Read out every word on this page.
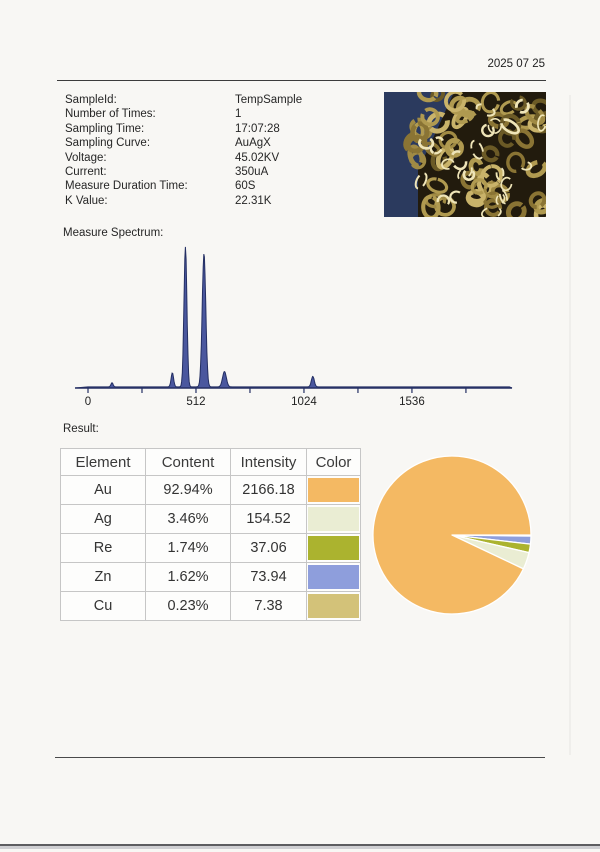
2025 07 25
SampleId:	TempSample
Number of Times:	1
Sampling Time:	17:07:28
Sampling Curve:	AuAgX
Voltage:	45.02KV
Current:	350uA
Measure Duration Time:	60S
K Value:	22.31K
Measure Spectrum:
0	512	1024	1536
Result:
Element	Content	Intensity	Color
Au	92.94%	2166.18	

Ag	3.46%	154.52	

Re	1.74%	37.06	

Zn	1.62%	73.94	

Cu	0.23%	7.38	
